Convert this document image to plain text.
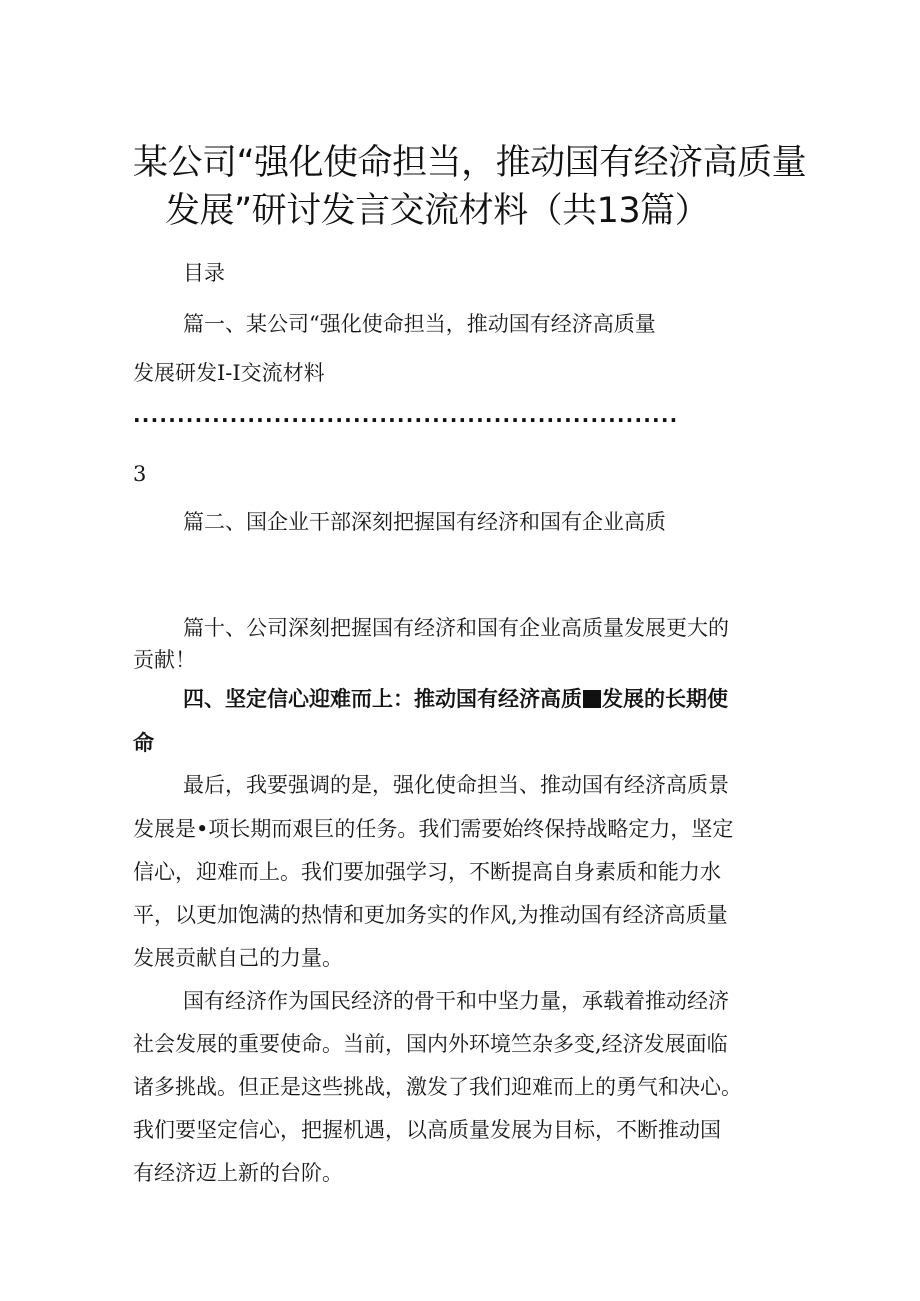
某公司“强化使命担当，推动国有经济高质量
发展”研讨发言交流材料（共13篇）
目录
篇一、某公司“强化使命担当，推动国有经济高质量
发展研发I-I交流材料
..............................................................
3
篇二、国企业干部深刻把握国有经济和国有企业高质
篇十、公司深刻把握国有经济和国有企业高质量发展更大的
贡献！
四、坚定信心迎难而上：推动国有经济高质 发展的长期使
命
最后，我要强调的是，强化使命担当、推动国有经济高质景
发展是•项长期而艰巨的任务。我们需要始终保持战略定力，坚定
信心，迎难而上。我们要加强学习，不断提高自身素质和能力水
平，以更加饱满的热情和更加务实的作风,为推动国有经济高质量
发展贡献自己的力量。
国有经济作为国民经济的骨干和中坚力量，承载着推动经济
社会发展的重要使命。当前，国内外环境竺杂多变,经济发展面临
诸多挑战。但正是这些挑战，激发了我们迎难而上的勇气和决心。
我们要坚定信心，把握机遇，以高质量发展为目标，不断推动国
有经济迈上新的台阶。
